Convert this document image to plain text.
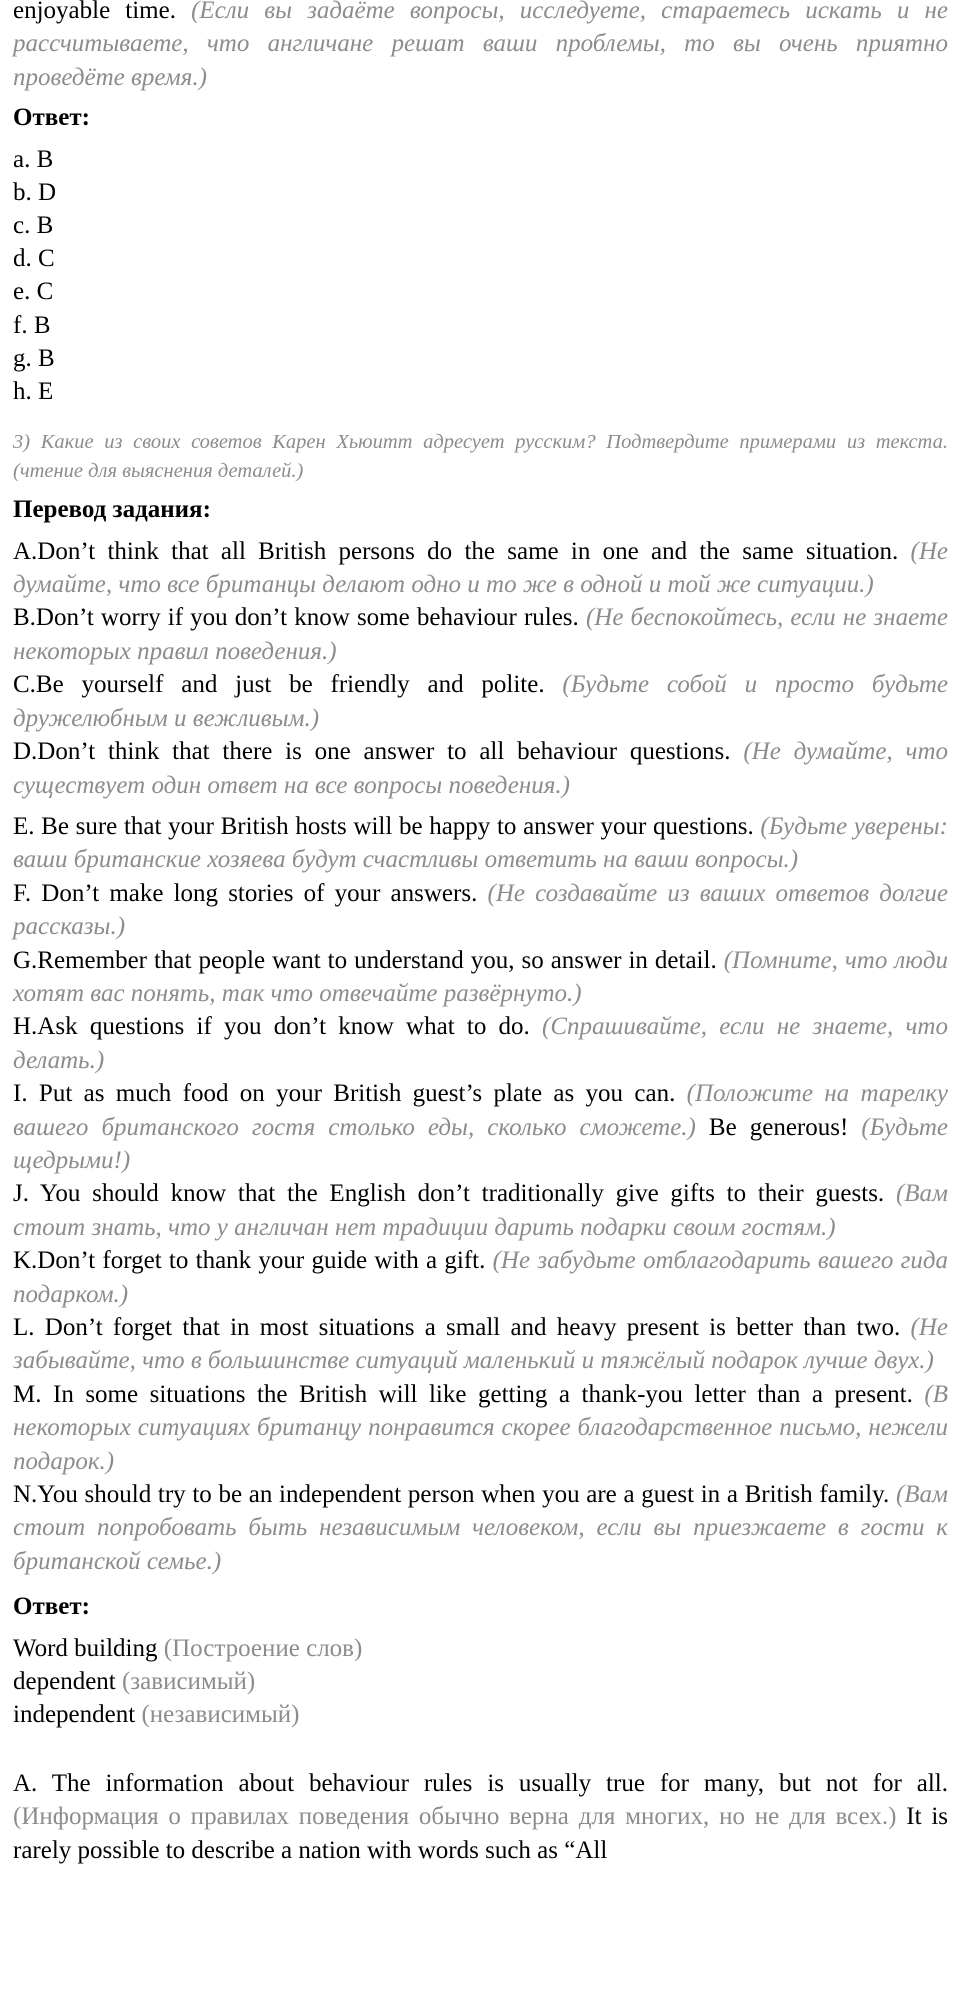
enjoyable time. (Если вы задаёте вопросы, исследуете, стараетесь искать и не рассчитываете, что англичане решат ваши проблемы, то вы очень приятно проведёте время.)

Ответ:

a. B
b. D
c. B
d. C
e. C
f. B
g. B
h. E

3) Какие из своих советов Карен Хьюитт адресует русским? Подтвердите примерами из текста. (чтение для выяснения деталей.)

Перевод задания:

A.Don’t think that all British persons do the same in one and the same situation. (Не думайте, что все британцы делают одно и то же в одной и той же ситуации.)

B.Don’t worry if you don’t know some behaviour rules. (Не беспокойтесь, если не знаете некоторых правил поведения.)

C.Be yourself and just be friendly and polite. (Будьте собой и просто будьте дружелюбным и вежливым.)

D.Don’t think that there is one answer to all behaviour questions. (Не думайте, что существует один ответ на все вопросы поведения.)

E. Be sure that your British hosts will be happy to answer your questions. (Будьте уверены: ваши британские хозяева будут счастливы ответить на ваши вопросы.)

F. Don’t make long stories of your answers. (Не создавайте из ваших ответов долгие рассказы.)

G.Remember that people want to understand you, so answer in detail. (Помните, что люди хотят вас понять, так что отвечайте развёрнуто.)

H.Ask questions if you don’t know what to do. (Спрашивайте, если не знаете, что делать.)

I. Put as much food on your British guest’s plate as you can. (Положите на тарелку вашего британского гостя столько еды, сколько сможете.) Be generous! (Будьте щедрыми!)

J. You should know that the English don’t traditionally give gifts to their guests. (Вам стоит знать, что у англичан нет традиции дарить подарки своим гостям.)

K.Don’t forget to thank your guide with a gift. (Не забудьте отблагодарить вашего гида подарком.)

L. Don’t forget that in most situations a small and heavy present is better than two. (Не забывайте, что в большинстве ситуаций маленький и тяжёлый подарок лучше двух.)

M. In some situations the British will like getting a thank-you letter than a present. (В некоторых ситуациях британцу понравится скорее благодарственное письмо, нежели подарок.)

N.You should try to be an independent person when you are a guest in a British family. (Вам стоит попробовать быть независимым человеком, если вы приезжаете в гости к британской семье.)

Ответ:

Word building (Построение слов)

dependent (зависимый)

independent (независимый)

A. The information about behaviour rules is usually true for many, but not for all. (Информация о правилах поведения обычно верна для многих, но не для всех.) It is rarely possible to describe a nation with words such as “All
